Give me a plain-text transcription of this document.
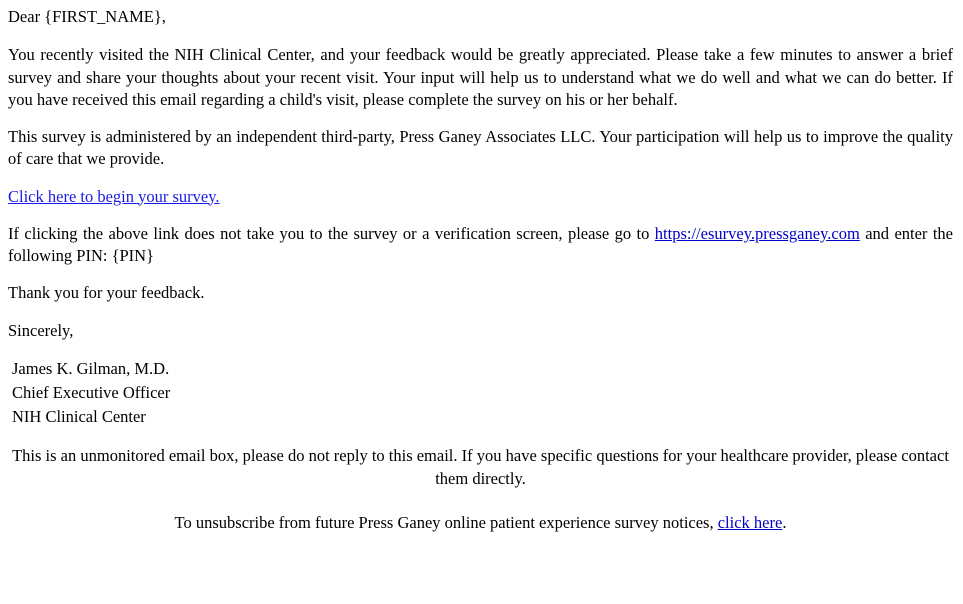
Dear {FIRST_NAME},

You recently visited the NIH Clinical Center, and your feedback would be greatly appreciated. Please take a few minutes to answer a brief survey and share your thoughts about your recent visit. Your input will help us to understand what we do well and what we can do better. If you have received this email regarding a child's visit, please complete the survey on his or her behalf.

This survey is administered by an independent third-party, Press Ganey Associates LLC. Your participation will help us to improve the quality of care that we provide.

Click here to begin your survey.

If clicking the above link does not take you to the survey or a verification screen, please go to https://esurvey.pressganey.com and enter the following PIN: {PIN}

Thank you for your feedback.

Sincerely,

James K. Gilman, M.D.
Chief Executive Officer
NIH Clinical Center

This is an unmonitored email box, please do not reply to this email. If you have specific questions for your healthcare provider, please contact them directly.

To unsubscribe from future Press Ganey online patient experience survey notices, click here.
